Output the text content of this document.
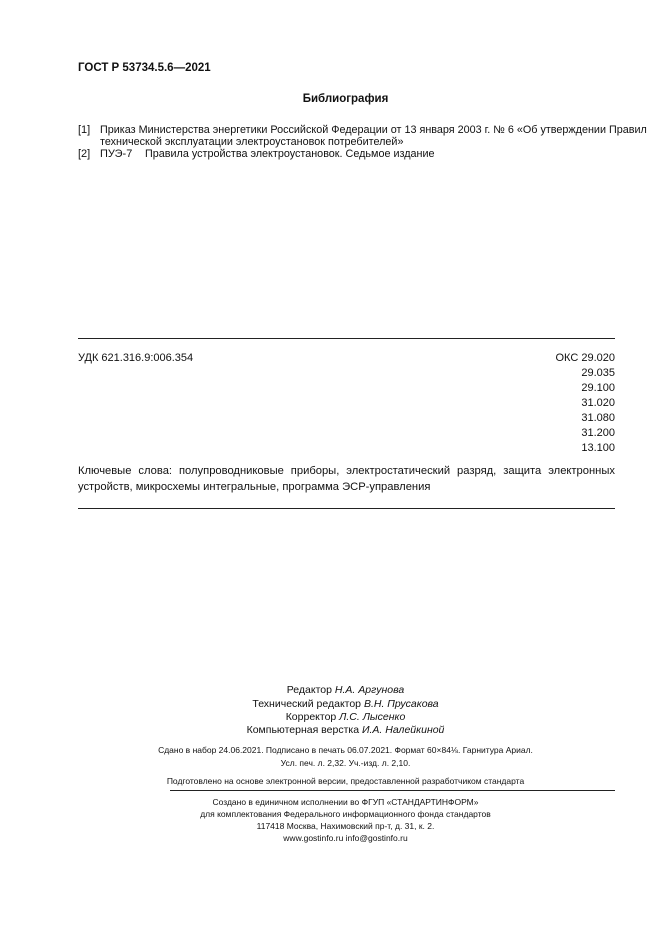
ГОСТ Р 53734.5.6—2021
Библиография
[1] Приказ Министерства энергетики Российской Федерации от 13 января 2003 г. № 6 «Об утверждении Правил
технической эксплуатации электроустановок потребителей»
[2] ПУЭ-7 Правила устройства электроустановок. Седьмое издание
УДК 621.316.9:006.354	ОКС 29.020
29.035
29.100
31.020
31.080
31.200
13.100
Ключевые слова: полупроводниковые приборы, электростатический разряд, защита электронных
устройств, микросхемы интегральные, программа ЭСР-управления
Редактор Н.А. Аргунова
Технический редактор В.Н. Прусакова
Корректор Л.С. Лысенко
Компьютерная верстка И.А. Налейкиной
Сдано в набор 24.06.2021. Подписано в печать 06.07.2021. Формат 60×84⅛. Гарнитура Ариал.
Усл. печ. л. 2,32. Уч.-изд. л. 2,10.
Подготовлено на основе электронной версии, предоставленной разработчиком стандарта
Создано в единичном исполнении во ФГУП «СТАНДАРТИНФОРМ»
для комплектования Федерального информационного фонда стандартов
117418 Москва, Нахимовский пр-т, д. 31, к. 2.
www.gostinfo.ru info@gostinfo.ru
